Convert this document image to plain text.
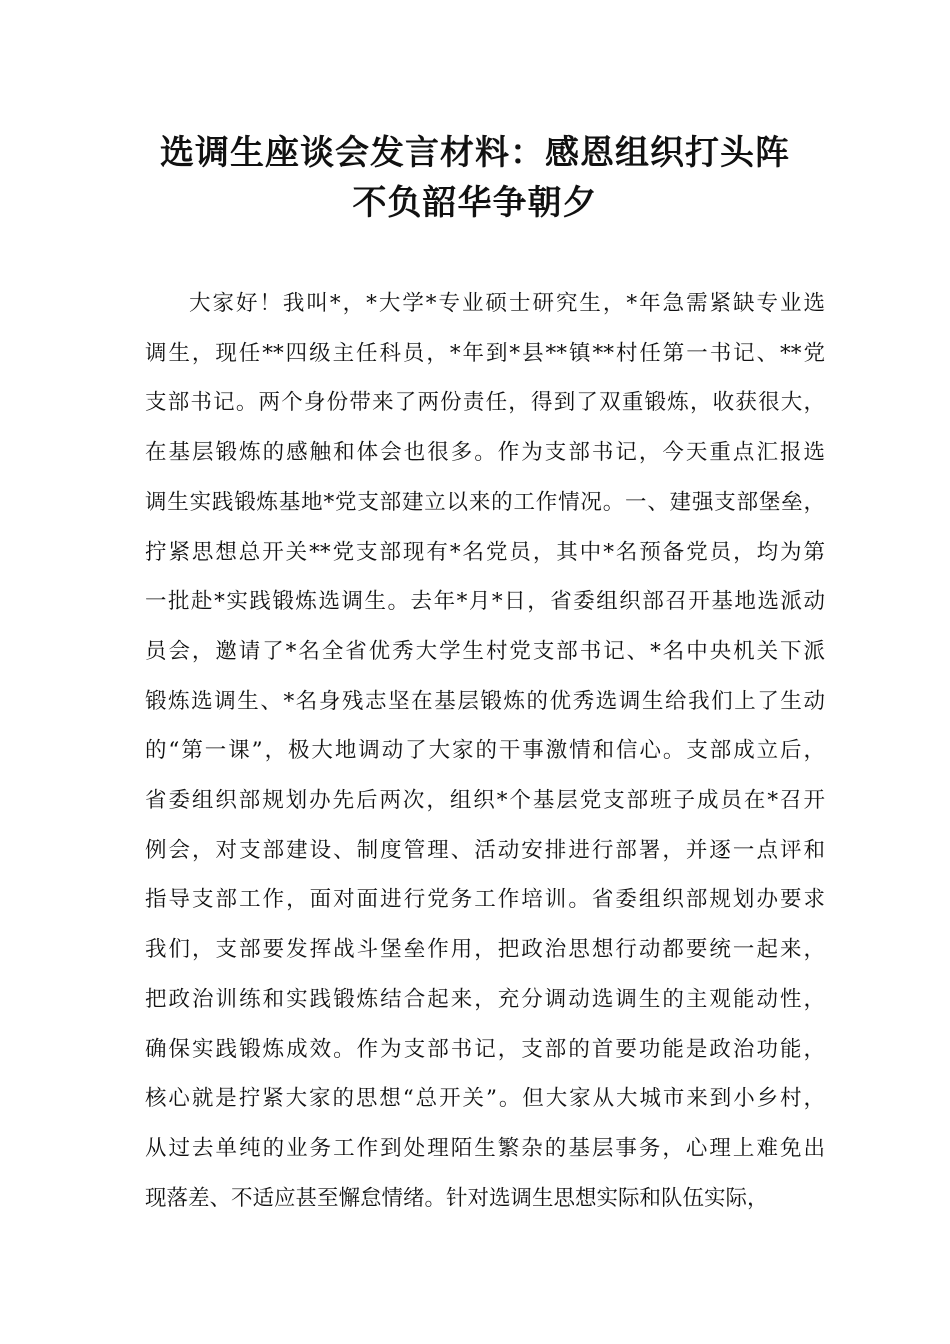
选调生座谈会发言材料：感恩组织打头阵
不负韶华争朝夕
大家好！我叫*，*大学*专业硕士研究生，*年急需紧缺专业选
调生，现任**四级主任科员，*年到*县**镇**村任第一书记、**党
支部书记。两个身份带来了两份责任，得到了双重锻炼，收获很大，
在基层锻炼的感触和体会也很多。作为支部书记，今天重点汇报选
调生实践锻炼基地*党支部建立以来的工作情况。一、建强支部堡垒，
拧紧思想总开关**党支部现有*名党员，其中*名预备党员，均为第
一批赴*实践锻炼选调生。去年*月*日，省委组织部召开基地选派动
员会，邀请了*名全省优秀大学生村党支部书记、*名中央机关下派
锻炼选调生、*名身残志坚在基层锻炼的优秀选调生给我们上了生动
的“第一课”，极大地调动了大家的干事激情和信心。支部成立后，
省委组织部规划办先后两次，组织*个基层党支部班子成员在*召开
例会，对支部建设、制度管理、活动安排进行部署，并逐一点评和
指导支部工作，面对面进行党务工作培训。省委组织部规划办要求
我们，支部要发挥战斗堡垒作用，把政治思想行动都要统一起来，
把政治训练和实践锻炼结合起来，充分调动选调生的主观能动性，
确保实践锻炼成效。作为支部书记，支部的首要功能是政治功能，
核心就是拧紧大家的思想“总开关”。但大家从大城市来到小乡村，
从过去单纯的业务工作到处理陌生繁杂的基层事务，心理上难免出
现落差、不适应甚至懈怠情绪。针对选调生思想实际和队伍实际，
